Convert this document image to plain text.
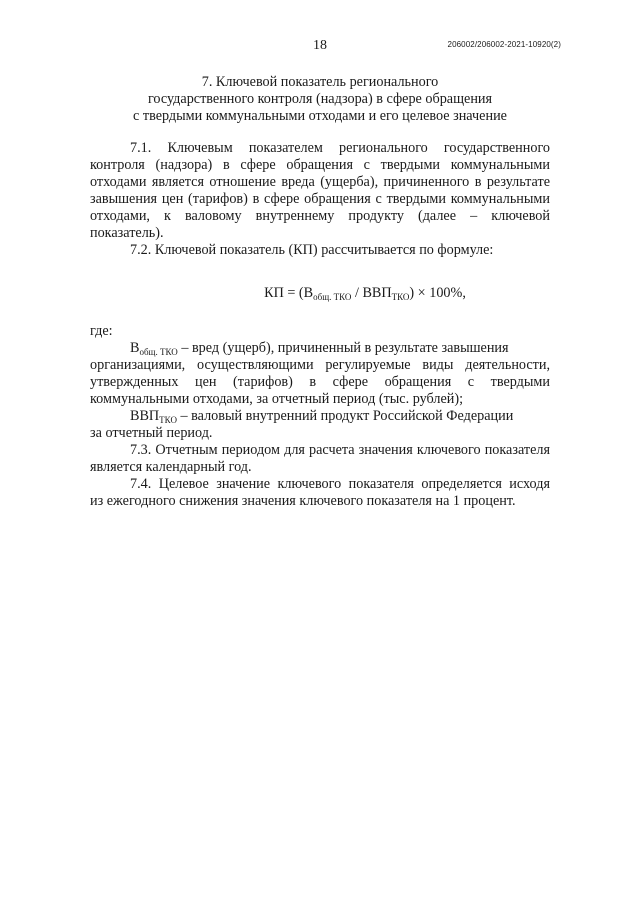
18	206002/206002-2021-10920(2)
7. Ключевой показатель регионального
государственного контроля (надзора) в сфере обращения
с твердыми коммунальными отходами и его целевое значение
7.1. Ключевым показателем регионального государственного
контроля (надзора) в сфере обращения с твердыми коммунальными
отходами является отношение вреда (ущерба), причиненного в результате
завышения цен (тарифов) в сфере обращения с твердыми коммунальными
отходами, к валовому внутреннему продукту (далее – ключевой
показатель).
7.2. Ключевой показатель (КП) рассчитывается по формуле:
КП = $(В_{общ. ТКО} / ВВП_{ТКО}) \times 100\%$,
где:
$В_{общ. ТКО}$ – вред (ущерб), причиненный в результате завышения
организациями, осуществляющими регулируемые виды деятельности,
утвержденных цен (тарифов) в сфере обращения с твердыми
коммунальными отходами, за отчетный период (тыс. рублей);
$ВВП_{ТКО}$ – валовый внутренний продукт Российской Федерации
за отчетный период.
7.3. Отчетным периодом для расчета значения ключевого показателя
является календарный год.
7.4. Целевое значение ключевого показателя определяется исходя
из ежегодного снижения значения ключевого показателя на 1 процент.
